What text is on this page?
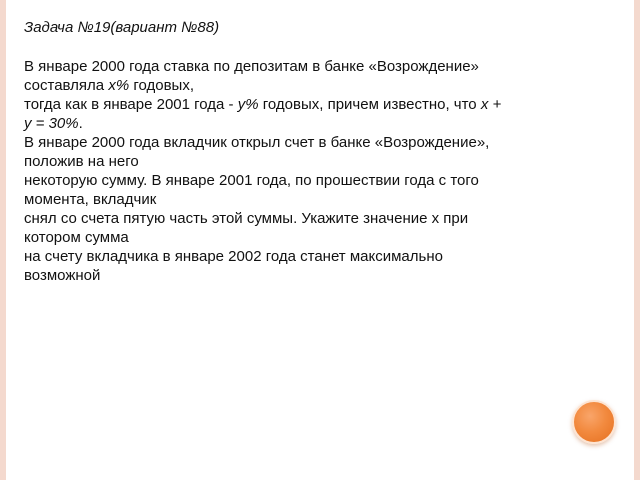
Задача №19(вариант №88)
В январе 2000 года ставка по депозитам в банке «Возрождение»
составляла x% годовых,
тогда как в январе 2001 года - y% годовых, причем известно, что x +
y = 30%.
В январе 2000 года вкладчик открыл счет в банке «Возрождение»,
положив на него
некоторую сумму. В январе 2001 года, по прошествии года с того
момента, вкладчик
снял со счета пятую часть этой суммы. Укажите значение x при
котором сумма
на счету вкладчика в январе 2002 года станет максимально
возможной
